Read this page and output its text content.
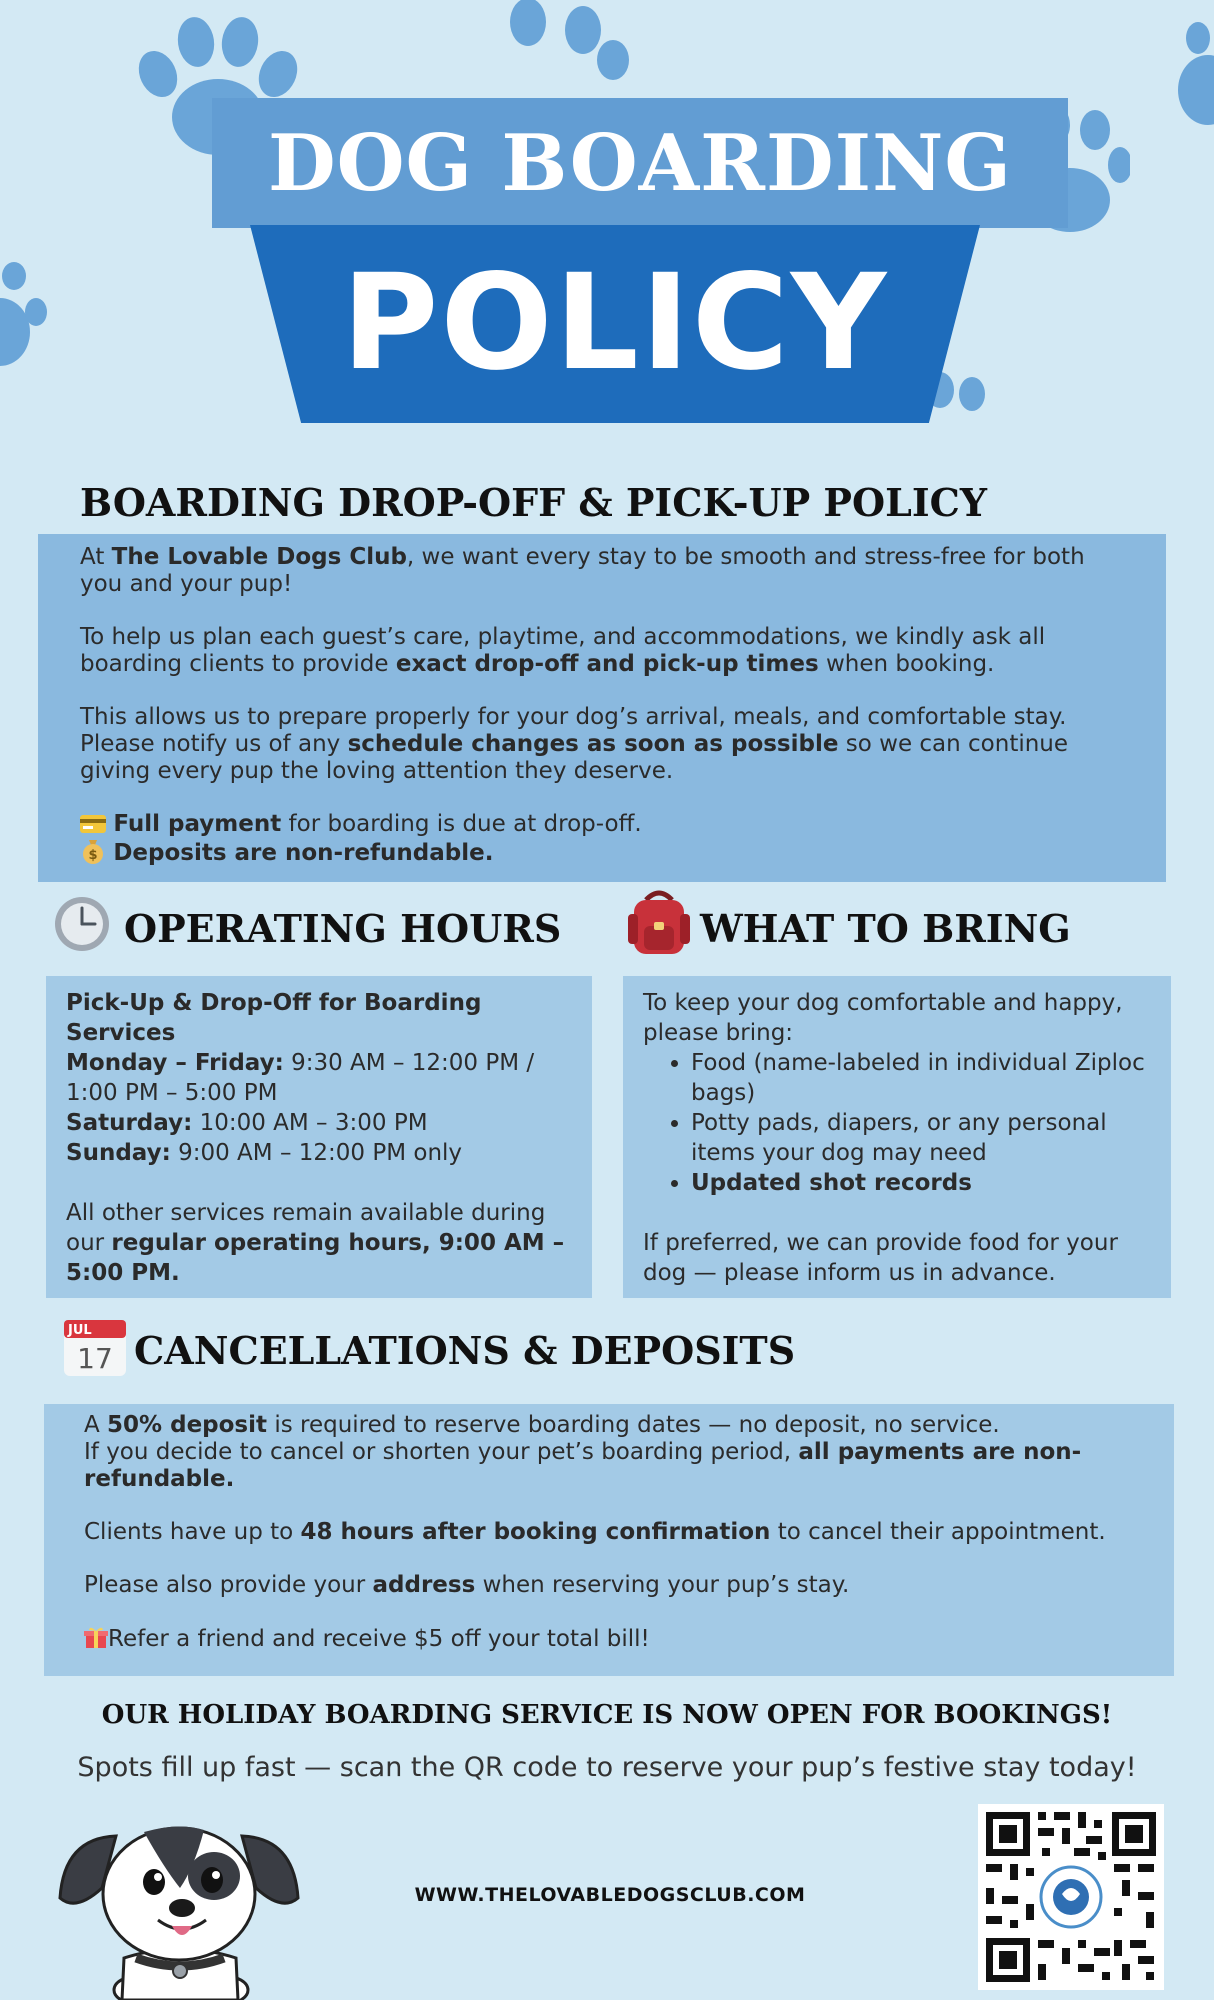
DOG BOARDING
POLICY
BOARDING DROP-OFF & PICK-UP POLICY

At The Lovable Dogs Club, we want every stay to be smooth and stress-free for both you and your pup!

To help us plan each guest’s care, playtime, and accommodations, we kindly ask all boarding clients to provide exact drop-off and pick-up times when booking.

This allows us to prepare properly for your dog’s arrival, meals, and comfortable stay. Please notify us of any schedule changes as soon as possible so we can continue giving every pup the loving attention they deserve.

Full payment for boarding is due at drop-off.

$ Deposits are non-refundable.

OPERATING HOURS

Pick-Up & Drop-Off for Boarding Services

Monday – Friday: 9:30 AM – 12:00 PM / 1:00 PM – 5:00 PM

Saturday: 10:00 AM – 3:00 PM

Sunday: 9:00 AM – 12:00 PM only

All other services remain available during our regular operating hours, 9:00 AM – 5:00 PM.

WHAT TO BRING

To keep your dog comfortable and happy, please bring:

• Food (name-labeled in individual Ziploc bags)
• Potty pads, diapers, or any personal items your dog may need
• Updated shot records

If preferred, we can provide food for your dog — please inform us in advance.

JUL
17 CANCELLATIONS & DEPOSITS

A 50% deposit is required to reserve boarding dates — no deposit, no service.

If you decide to cancel or shorten your pet’s boarding period, all payments are non-refundable.

Clients have up to 48 hours after booking confirmation to cancel their appointment.

Please also provide your address when reserving your pup’s stay.

Refer a friend and receive $5 off your total bill!

OUR HOLIDAY BOARDING SERVICE IS NOW OPEN FOR BOOKINGS!
Spots fill up fast — scan the QR code to reserve your pup’s festive stay today!
WWW.THELOVABLEDOGSCLUB.COM
